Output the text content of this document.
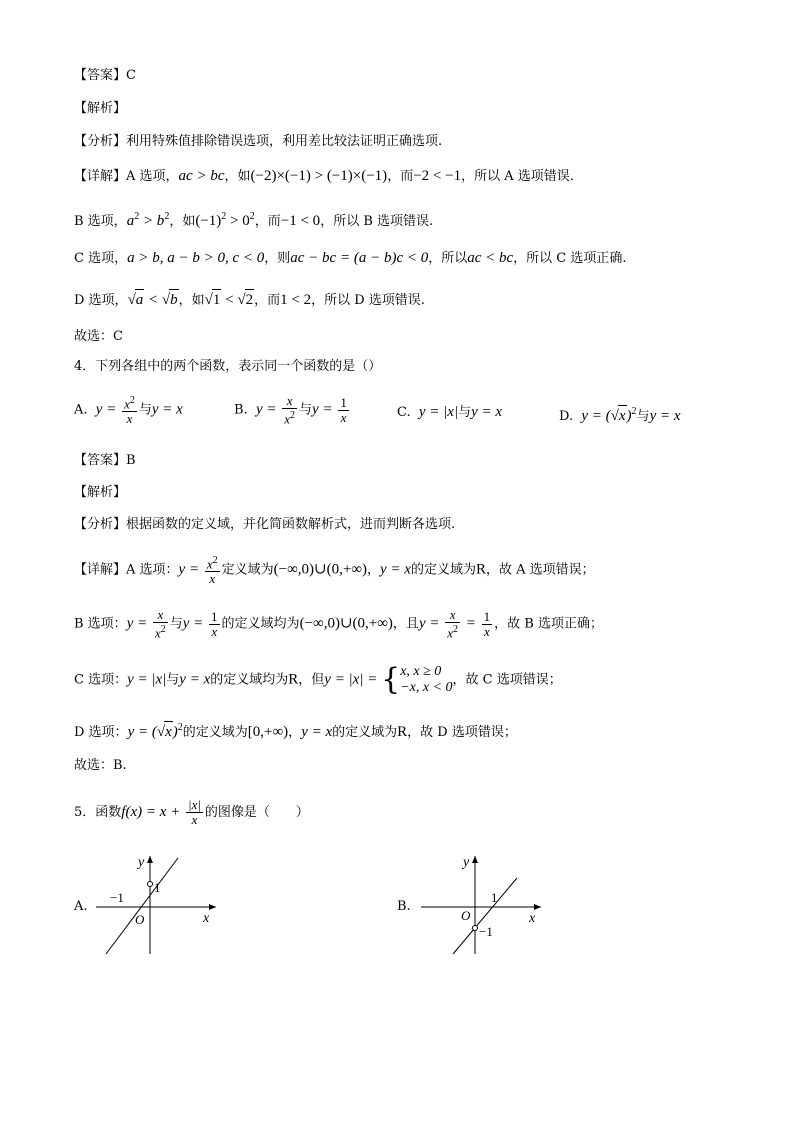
【答案】C
【解析】
【分析】利用特殊值排除错误选项，利用差比较法证明正确选项.
【详解】A 选项，ac > bc，如(−2)×(−1) > (−1)×(−1)，而−2 < −1，所以 A 选项错误.
B 选项，$a^2 > b^2$，如$(-1)^2 > 0^2$，而−1 < 0，所以 B 选项错误.
C 选项，a > b, a − b > 0, c < 0，则ac − bc = (a − b)c < 0，所以ac < bc，所以 C 选项正确.
D 选项，√a < √b，如√1 < √2，而1 < 2，所以 D 选项错误.
故选：C
4．下列各组中的两个函数，表示同一个函数的是（）
A. $y = \frac{x^2}{x}$ 与y = x	B. $y = \frac{x}{x^2}$ 与$y = \frac{1}{x}$	C. y = |x|与y = x	D. $y = (√x)^2$与y = x
【答案】B
【解析】
【分析】根据函数的定义域，并化简函数解析式，进而判断各选项.
【详解】A 选项：$y = \frac{x^2}{x}$ 定义域为(−∞,0)∪(0,+∞)，y = x的定义域为R，故 A 选项错误；
B 选项：$y = \frac{x}{x^2}$ 与$y = \frac{1}{x}$ 的定义域均为(−∞,0)∪(0,+∞)，且$y = \frac{x}{x^2} = \frac{1}{x}$ ，故 B 选项正确；
C 选项：y = |x|与y = x的定义域均为R，但y = |x| = { x, x ≥ 0
−x, x < 0 ，故 C 选项错误；
D 选项：$y = (√x)^2$的定义域为[0,+∞)，y = x的定义域为R，故 D 选项错误；
故选：B.
5．函数$f(x) = x + \frac{|x|}{x}$ 的图像是（　　）
A.
y
x
O
1
−1
B.
y
x
O
1
−1
